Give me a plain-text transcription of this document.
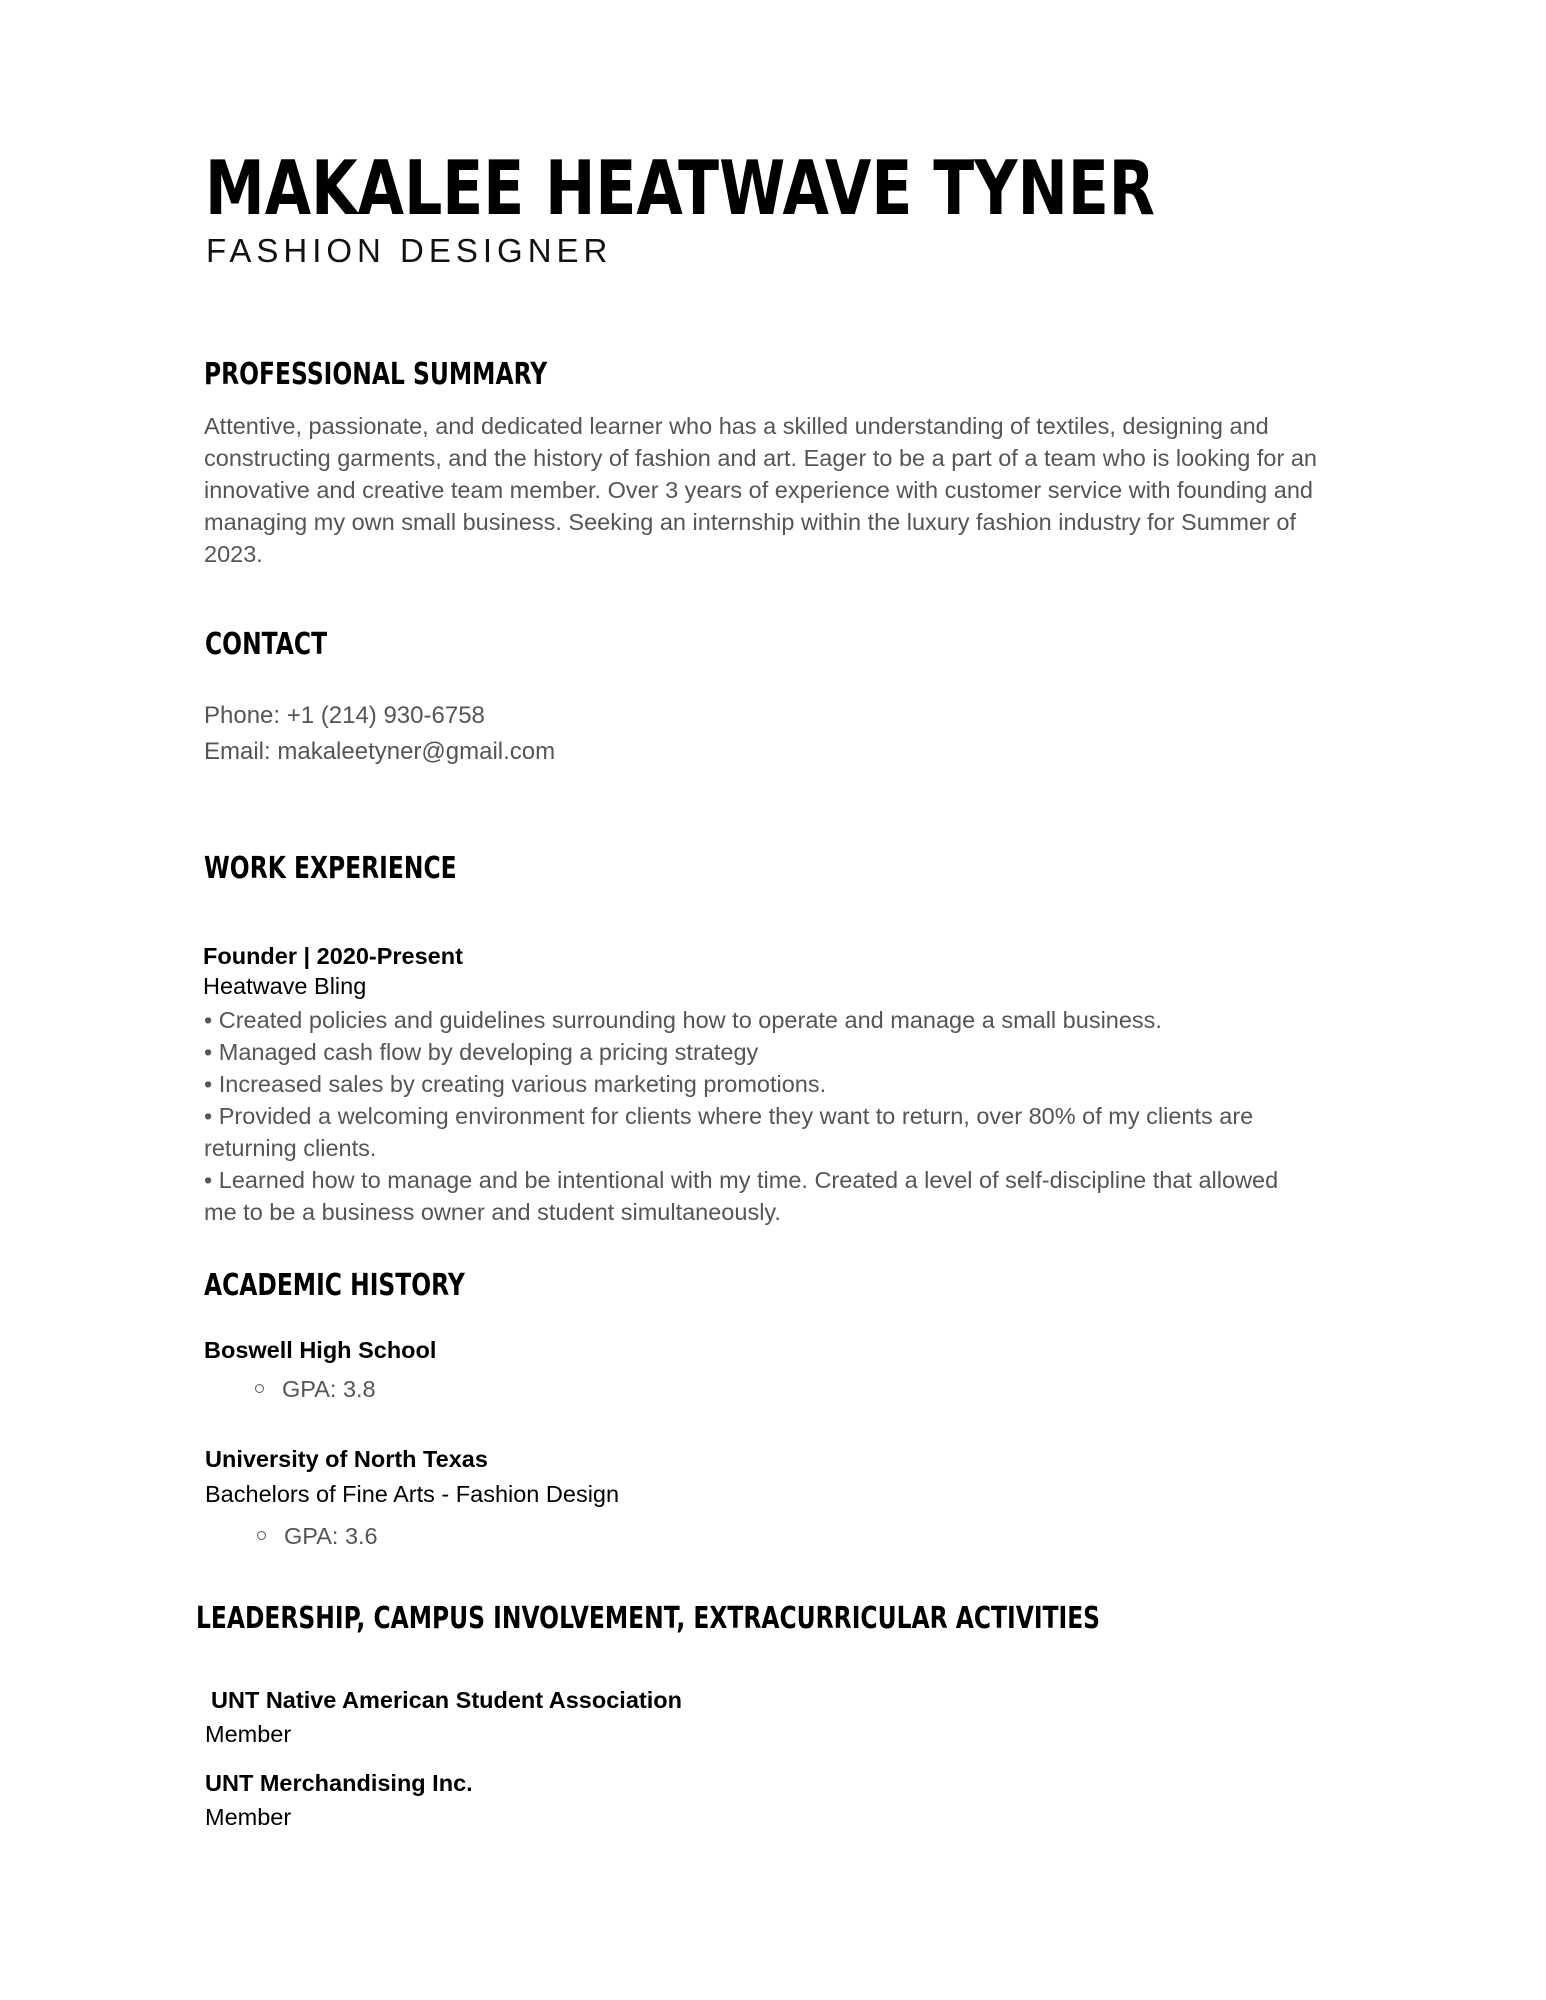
MAKALEE HEATWAVE TYNER
FASHION DESIGNER
PROFESSIONAL SUMMARY
Attentive, passionate, and dedicated learner who has a skilled understanding of textiles, designing and
constructing garments, and the history of fashion and art. Eager to be a part of a team who is looking for an
innovative and creative team member. Over 3 years of experience with customer service with founding and
managing my own small business. Seeking an internship within the luxury fashion industry for Summer of
2023.
CONTACT
Phone: +1 (214) 930-6758
Email: makaleetyner@gmail.com
WORK EXPERIENCE
Founder | 2020-Present
Heatwave Bling
• Created policies and guidelines surrounding how to operate and manage a small business.
• Managed cash flow by developing a pricing strategy
• Increased sales by creating various marketing promotions.
• Provided a welcoming environment for clients where they want to return, over 80% of my clients are
returning clients.
• Learned how to manage and be intentional with my time. Created a level of self-discipline that allowed
me to be a business owner and student simultaneously.
ACADEMIC HISTORY
Boswell High School
GPA: 3.8
University of North Texas
Bachelors of Fine Arts - Fashion Design
GPA: 3.6
LEADERSHIP, CAMPUS INVOLVEMENT, EXTRACURRICULAR ACTIVITIES
UNT Native American Student Association
Member
UNT Merchandising Inc.
Member
